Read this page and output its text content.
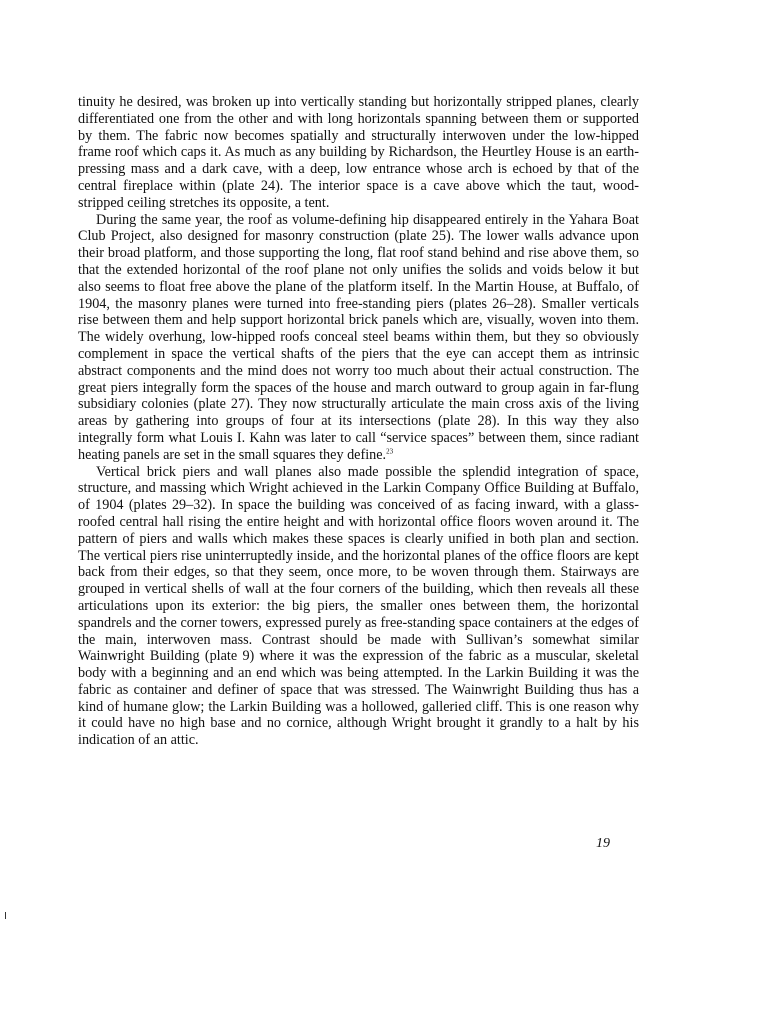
tinuity he desired, was broken up into vertically standing but horizontally stripped planes, clearly differentiated one from the other and with long horizontals spanning between them or supported by them. The fabric now becomes spatially and structurally interwoven under the low-hipped frame roof which caps it. As much as any building by Richardson, the Heurtley House is an earth-pressing mass and a dark cave, with a deep, low entrance whose arch is echoed by that of the central fireplace within (plate 24). The interior space is a cave above which the taut, wood-stripped ceiling stretches its opposite, a tent.

During the same year, the roof as volume-defining hip disappeared entirely in the Yahara Boat Club Project, also designed for masonry construction (plate 25). The lower walls advance upon their broad platform, and those supporting the long, flat roof stand behind and rise above them, so that the extended horizontal of the roof plane not only unifies the solids and voids below it but also seems to float free above the plane of the platform itself. In the Martin House, at Buffalo, of 1904, the masonry planes were turned into free-standing piers (plates 26–28). Smaller verticals rise between them and help support horizontal brick panels which are, visually, woven into them. The widely overhung, low-hipped roofs conceal steel beams within them, but they so obviously complement in space the vertical shafts of the piers that the eye can accept them as intrinsic abstract components and the mind does not worry too much about their actual construction. The great piers integrally form the spaces of the house and march outward to group again in far-flung subsidiary colonies (plate 27). They now structurally articulate the main cross axis of the living areas by gathering into groups of four at its intersections (plate 28). In this way they also integrally form what Louis I. Kahn was later to call “service spaces” between them, since radiant heating panels are set in the small squares they define.$^{23}$

Vertical brick piers and wall planes also made possible the splendid integration of space, structure, and massing which Wright achieved in the Larkin Company Office Building at Buffalo, of 1904 (plates 29–32). In space the building was conceived of as facing inward, with a glass-roofed central hall rising the entire height and with horizontal office floors woven around it. The pattern of piers and walls which makes these spaces is clearly unified in both plan and section. The vertical piers rise uninterruptedly inside, and the horizontal planes of the office floors are kept back from their edges, so that they seem, once more, to be woven through them. Stairways are grouped in vertical shells of wall at the four corners of the building, which then reveals all these articulations upon its exterior: the big piers, the smaller ones between them, the horizontal spandrels and the corner towers, expressed purely as free-standing space containers at the edges of the main, interwoven mass. Contrast should be made with Sullivan’s somewhat similar Wainwright Building (plate 9) where it was the expression of the fabric as a muscular, skeletal body with a beginning and an end which was being attempted. In the Larkin Building it was the fabric as container and definer of space that was stressed. The Wainwright Building thus has a kind of humane glow; the Larkin Building was a hollowed, galleried cliff. This is one reason why it could have no high base and no cornice, although Wright brought it grandly to a halt by his indication of an attic.

19
